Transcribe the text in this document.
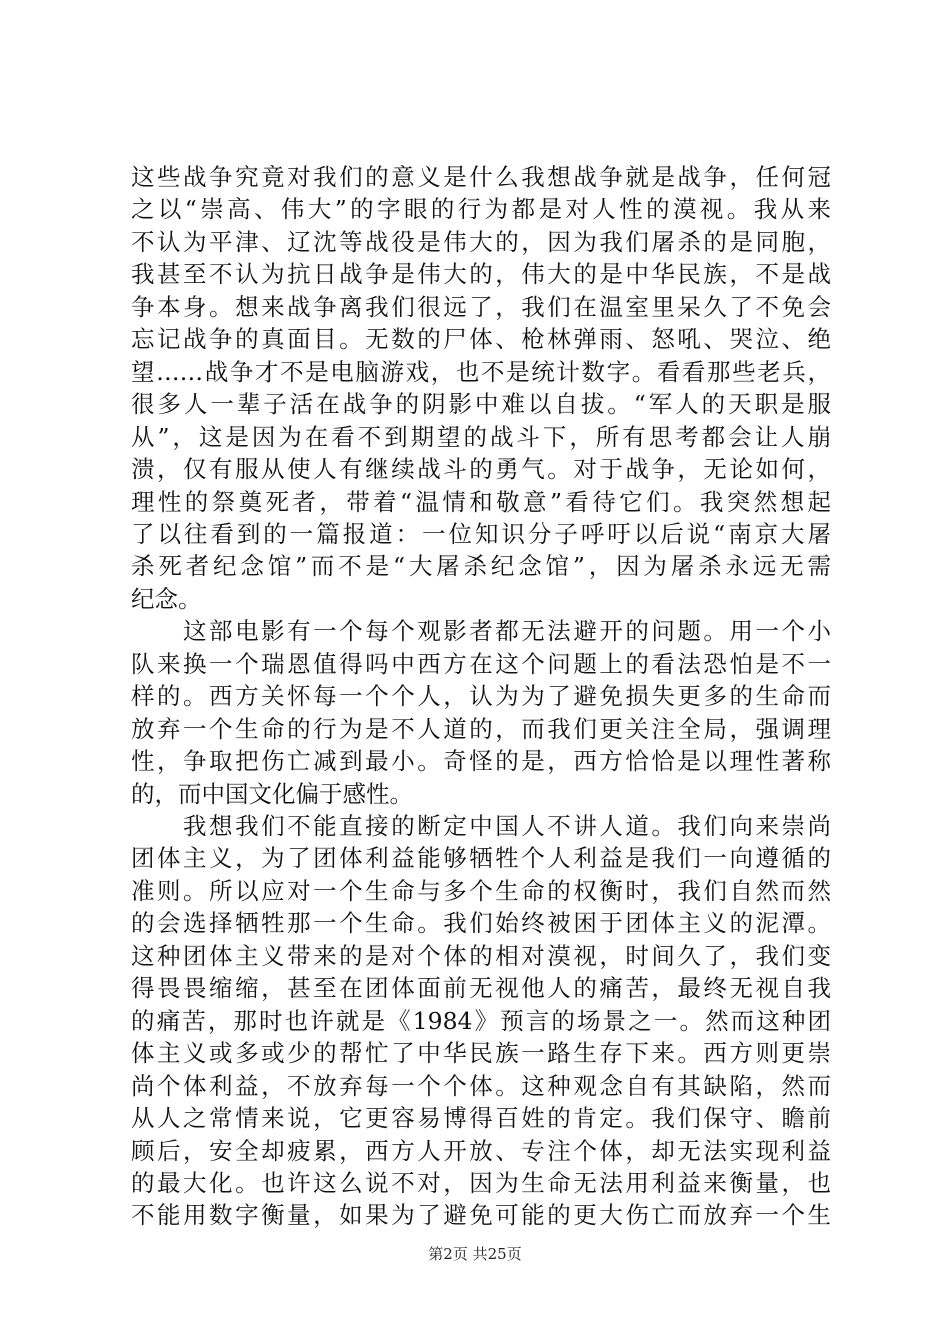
这些战争究竟对我们的意义是什么我想战争就是战争，任何冠
之以“崇高、伟大”的字眼的行为都是对人性的漠视。我从来
不认为平津、辽沈等战役是伟大的，因为我们屠杀的是同胞，
我甚至不认为抗日战争是伟大的，伟大的是中华民族，不是战
争本身。想来战争离我们很远了，我们在温室里呆久了不免会
忘记战争的真面目。无数的尸体、枪林弹雨、怒吼、哭泣、绝
望……战争才不是电脑游戏，也不是统计数字。看看那些老兵，
很多人一辈子活在战争的阴影中难以自拔。“军人的天职是服
从”，这是因为在看不到期望的战斗下，所有思考都会让人崩
溃，仅有服从使人有继续战斗的勇气。对于战争，无论如何，
理性的祭奠死者，带着“温情和敬意”看待它们。我突然想起
了以往看到的一篇报道：一位知识分子呼吁以后说“南京大屠
杀死者纪念馆”而不是“大屠杀纪念馆”，因为屠杀永远无需
纪念。
　　这部电影有一个每个观影者都无法避开的问题。用一个小
队来换一个瑞恩值得吗中西方在这个问题上的看法恐怕是不一
样的。西方关怀每一个个人，认为为了避免损失更多的生命而
放弃一个生命的行为是不人道的，而我们更关注全局，强调理
性，争取把伤亡减到最小。奇怪的是，西方恰恰是以理性著称
的，而中国文化偏于感性。
　　我想我们不能直接的断定中国人不讲人道。我们向来崇尚
团体主义，为了团体利益能够牺牲个人利益是我们一向遵循的
准则。所以应对一个生命与多个生命的权衡时，我们自然而然
的会选择牺牲那一个生命。我们始终被困于团体主义的泥潭。
这种团体主义带来的是对个体的相对漠视，时间久了，我们变
得畏畏缩缩，甚至在团体面前无视他人的痛苦，最终无视自我
的痛苦，那时也许就是《1984》预言的场景之一。然而这种团
体主义或多或少的帮忙了中华民族一路生存下来。西方则更崇
尚个体利益，不放弃每一个个体。这种观念自有其缺陷，然而
从人之常情来说，它更容易博得百姓的肯定。我们保守、瞻前
顾后，安全却疲累，西方人开放、专注个体，却无法实现利益
的最大化。也许这么说不对，因为生命无法用利益来衡量，也
不能用数字衡量，如果为了避免可能的更大伤亡而放弃一个生
第2页 共25页
